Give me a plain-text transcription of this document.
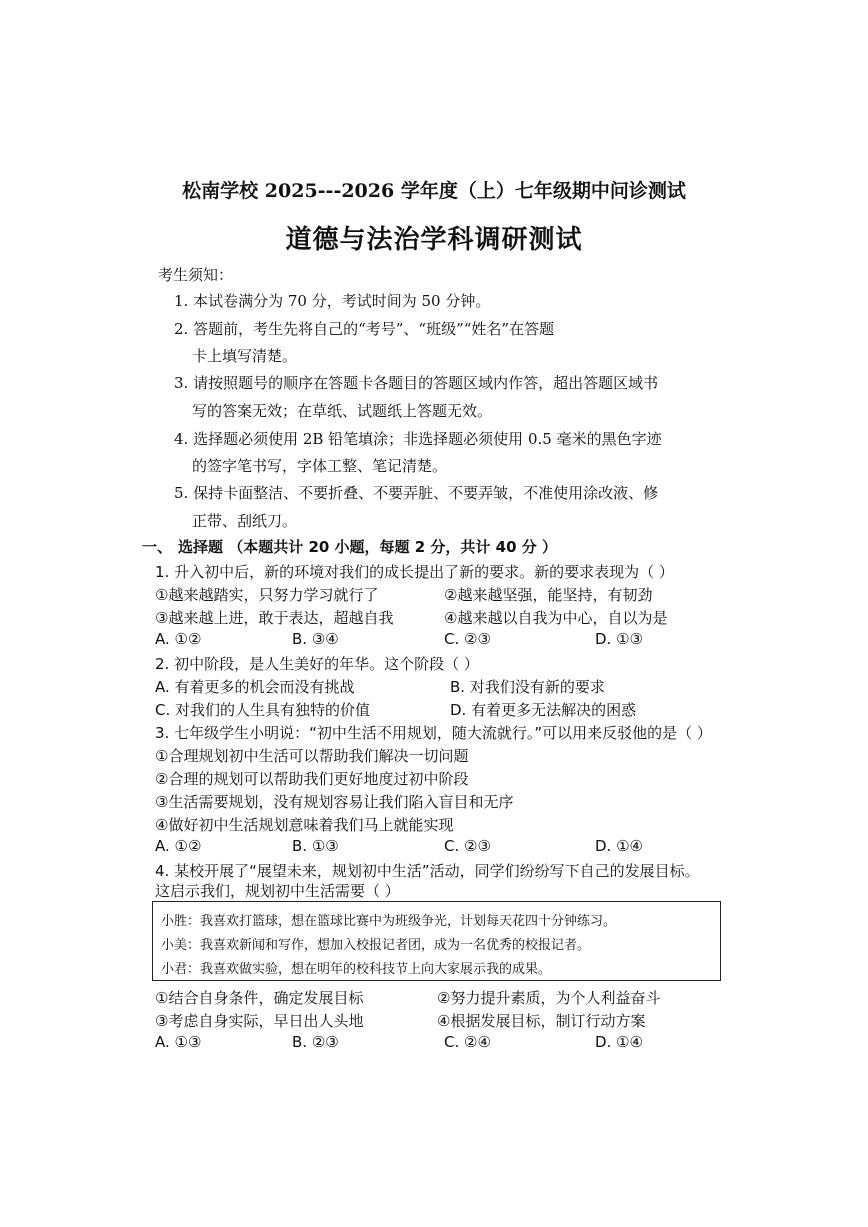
松南学校 2025---2026 学年度（上）七年级期中问诊测试
道德与法治学科调研测试
考生须知：
1. 本试卷满分为 70 分，考试时间为 50 分钟。
2. 答题前，考生先将自己的“考号”、“班级”“姓名”在答题
卡上填写清楚。
3. 请按照题号的顺序在答题卡各题目的答题区域内作答，超出答题区域书
写的答案无效；在草纸、试题纸上答题无效。
4. 选择题必须使用 2B 铅笔填涂；非选择题必须使用 0.5 毫米的黑色字迹
的签字笔书写，字体工整、笔记清楚。
5. 保持卡面整洁、不要折叠、不要弄脏、不要弄皱，不准使用涂改液、修
正带、刮纸刀。
一、 选择题 （本题共计 20 小题，每题 2 分，共计 40 分 ）
1. 升入初中后，新的环境对我们的成长提出了新的要求。新的要求表现为（ ）
①越来越踏实，只努力学习就行了	②越来越坚强，能坚持，有韧劲
③越来越上进，敢于表达，超越自我	④越来越以自我为中心，自以为是
A. ①②	B. ③④	C. ②③	D. ①③
2. 初中阶段，是人生美好的年华。这个阶段（ ）
A. 有着更多的机会而没有挑战	B. 对我们没有新的要求
C. 对我们的人生具有独特的价值	D. 有着更多无法解决的困惑
3. 七年级学生小明说：“初中生活不用规划，随大流就行。”可以用来反驳他的是（ ）
①合理规划初中生活可以帮助我们解决一切问题
②合理的规划可以帮助我们更好地度过初中阶段
③生活需要规划，没有规划容易让我们陷入盲目和无序
④做好初中生活规划意味着我们马上就能实现
A. ①②	B. ①③	C. ②③	D. ①④
4. 某校开展了“展望未来，规划初中生活”活动，同学们纷纷写下自己的发展目标。
这启示我们，规划初中生活需要（ ）
小胜：我喜欢打篮球，想在篮球比赛中为班级争光，计划每天花四十分钟练习。
小美：我喜欢新闻和写作，想加入校报记者团，成为一名优秀的校报记者。
小君：我喜欢做实验，想在明年的校科技节上向大家展示我的成果。
①结合自身条件，确定发展目标	②努力提升素质，为个人利益奋斗
③考虑自身实际，早日出人头地	④根据发展目标，制订行动方案
A. ①③	B. ②③	C. ②④	D. ①④
